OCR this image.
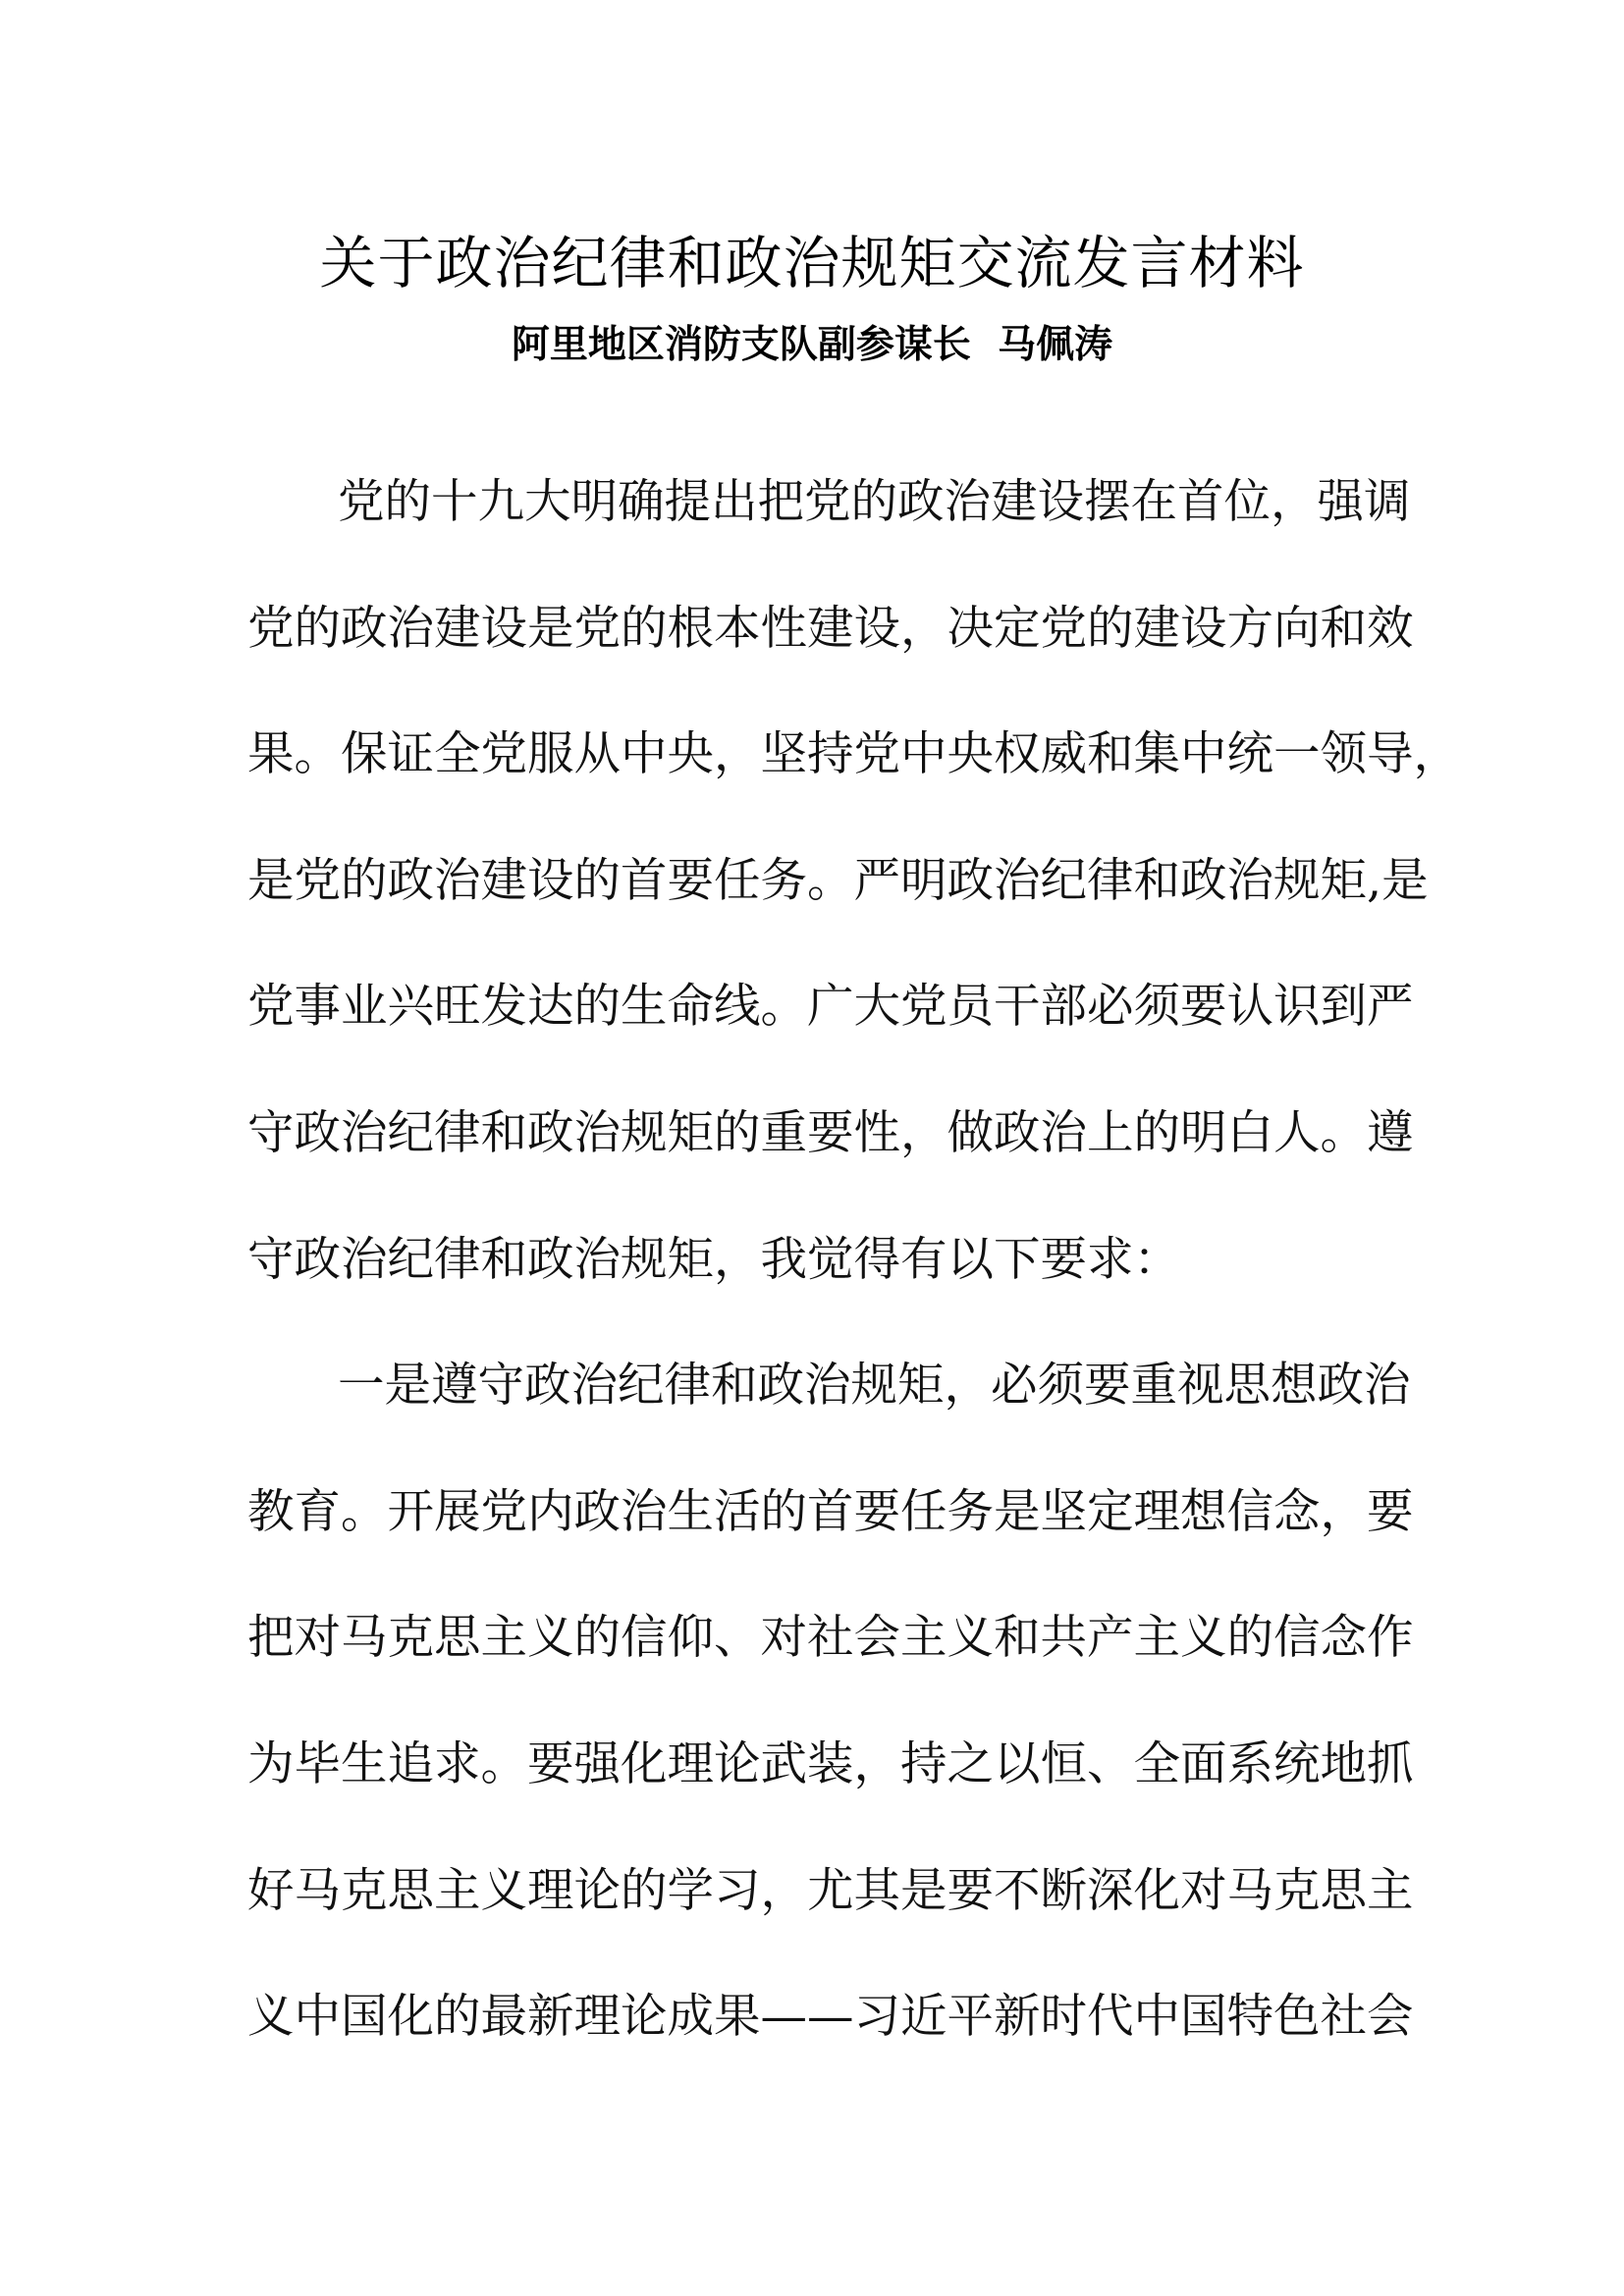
关于政治纪律和政治规矩交流发言材料
阿里地区消防支队副参谋长  马佩涛
党的十九大明确提出把党的政治建设摆在首位，强调
党的政治建设是党的根本性建设，决定党的建设方向和效
果。保证全党服从中央，坚持党中央权威和集中统一领导，
是党的政治建设的首要任务。严明政治纪律和政治规矩,是
党事业兴旺发达的生命线。广大党员干部必须要认识到严
守政治纪律和政治规矩的重要性，做政治上的明白人。遵
守政治纪律和政治规矩，我觉得有以下要求：
一是遵守政治纪律和政治规矩，必须要重视思想政治
教育。开展党内政治生活的首要任务是坚定理想信念，要
把对马克思主义的信仰、对社会主义和共产主义的信念作
为毕生追求。要强化理论武装，持之以恒、全面系统地抓
好马克思主义理论的学习，尤其是要不断深化对马克思主
义中国化的最新理论成果——习近平新时代中国特色社会
